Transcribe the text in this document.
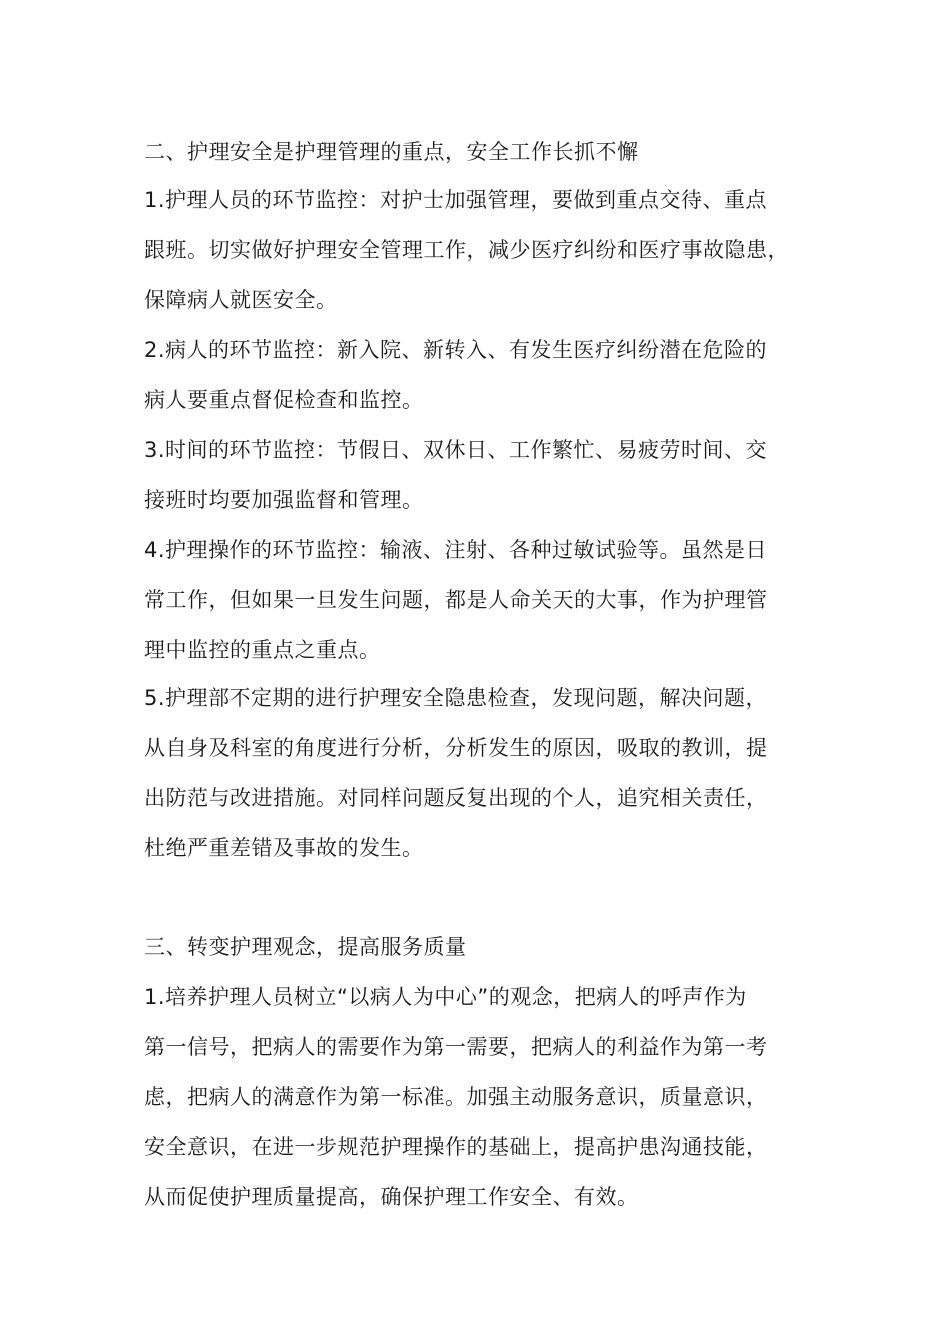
二、护理安全是护理管理的重点，安全工作长抓不懈
1.护理人员的环节监控：对护士加强管理，要做到重点交待、重点
跟班。切实做好护理安全管理工作，减少医疗纠纷和医疗事故隐患，
保障病人就医安全。
2.病人的环节监控：新入院、新转入、有发生医疗纠纷潜在危险的
病人要重点督促检查和监控。
3.时间的环节监控：节假日、双休日、工作繁忙、易疲劳时间、交
接班时均要加强监督和管理。
4.护理操作的环节监控：输液、注射、各种过敏试验等。虽然是日
常工作，但如果一旦发生问题，都是人命关天的大事，作为护理管
理中监控的重点之重点。
5.护理部不定期的进行护理安全隐患检查，发现问题，解决问题，
从自身及科室的角度进行分析，分析发生的原因，吸取的教训，提
出防范与改进措施。对同样问题反复出现的个人，追究相关责任，
杜绝严重差错及事故的发生。
三、转变护理观念，提高服务质量
1.培养护理人员树立“以病人为中心”的观念，把病人的呼声作为
第一信号，把病人的需要作为第一需要，把病人的利益作为第一考
虑，把病人的满意作为第一标准。加强主动服务意识，质量意识，
安全意识，在进一步规范护理操作的基础上，提高护患沟通技能，
从而促使护理质量提高，确保护理工作安全、有效。
